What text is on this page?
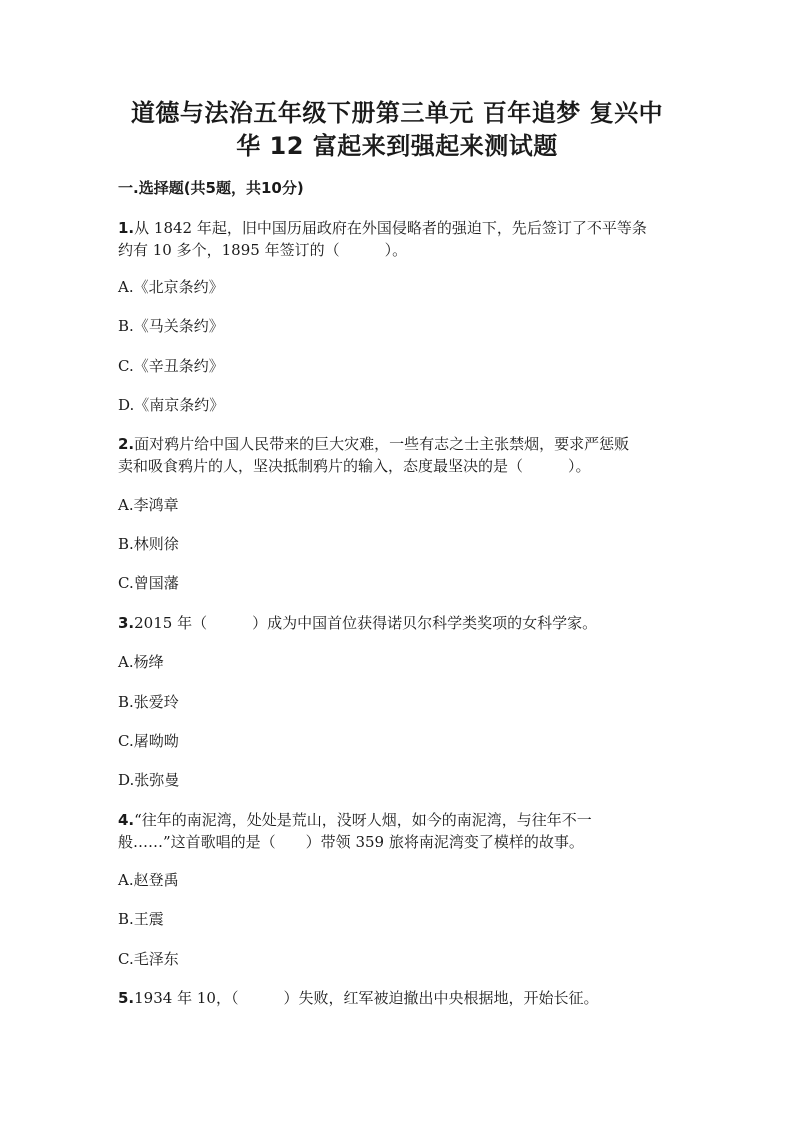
道德与法治五年级下册第三单元 百年追梦 复兴中
华 12 富起来到强起来测试题
一.选择题(共5题，共10分)
1.从 1842 年起，旧中国历届政府在外国侵略者的强迫下，先后签订了不平等条
约有 10 多个，1895 年签订的（　　　）。
A.《北京条约》
B.《马关条约》
C.《辛丑条约》
D.《南京条约》
2.面对鸦片给中国人民带来的巨大灾难，一些有志之士主张禁烟，要求严惩贩
卖和吸食鸦片的人，坚决抵制鸦片的输入，态度最坚决的是（　　　）。
A.李鸿章
B.林则徐
C.曾国藩
3.2015 年（　　　）成为中国首位获得诺贝尔科学类奖项的女科学家。
A.杨绛
B.张爱玲
C.屠呦呦
D.张弥曼
4.“往年的南泥湾，处处是荒山，没呀人烟，如今的南泥湾，与往年不一
般……”这首歌唱的是（　　）带领 359 旅将南泥湾变了模样的故事。
A.赵登禹
B.王震
C.毛泽东
5.1934 年 10，（　　　）失败，红军被迫撤出中央根据地，开始长征。
